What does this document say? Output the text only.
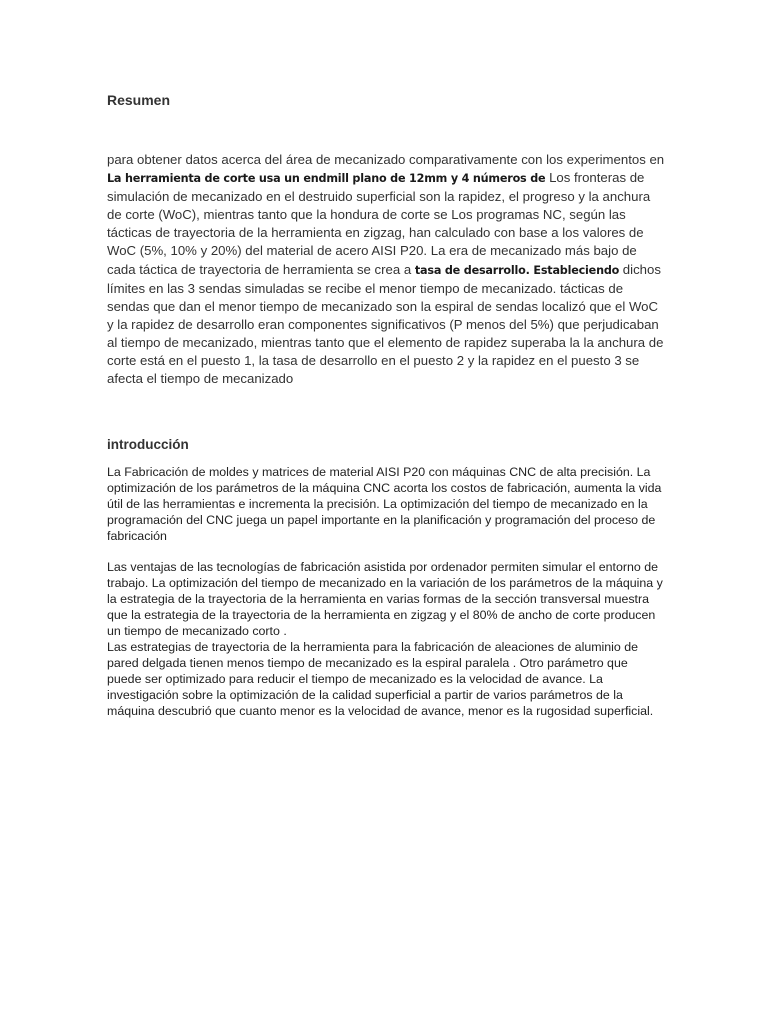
Resumen

para obtener datos acerca del área de mecanizado comparativamente con los experimentos en La herramienta de corte usa un endmill plano de 12mm y 4 números de Los fronteras de simulación de mecanizado en el destruido superficial son la rapidez, el progreso y la anchura de corte (WoC), mientras tanto que la hondura de corte se Los programas NC, según las tácticas de trayectoria de la herramienta en zigzag, han calculado con base a los valores de WoC (5%, 10% y 20%) del material de acero AISI P20. La era de mecanizado más bajo de cada táctica de trayectoria de herramienta se crea a tasa de desarrollo. Estableciendo dichos límites en las 3 sendas simuladas se recibe el menor tiempo de mecanizado. tácticas de sendas que dan el menor tiempo de mecanizado son la espiral de sendas localizó que el WoC y la rapidez de desarrollo eran componentes significativos (P menos del 5%) que perjudicaban al tiempo de mecanizado, mientras tanto que el elemento de rapidez superaba la la anchura de corte está en el puesto 1, la tasa de desarrollo en el puesto 2 y la rapidez en el puesto 3 se afecta el tiempo de mecanizado

introducción

La Fabricación de moldes y matrices de material AISI P20 con máquinas CNC de alta precisión. La optimización de los parámetros de la máquina CNC acorta los costos de fabricación, aumenta la vida útil de las herramientas e incrementa la precisión. La optimización del tiempo de mecanizado en la programación del CNC juega un papel importante en la planificación y programación del proceso de fabricación

Las ventajas de las tecnologías de fabricación asistida por ordenador permiten simular el entorno de trabajo. La optimización del tiempo de mecanizado en la variación de los parámetros de la máquina y la estrategia de la trayectoria de la herramienta en varias formas de la sección transversal muestra que la estrategia de la trayectoria de la herramienta en zigzag y el 80% de ancho de corte producen un tiempo de mecanizado corto .

Las estrategias de trayectoria de la herramienta para la fabricación de aleaciones de aluminio de pared delgada tienen menos tiempo de mecanizado es la espiral paralela . Otro parámetro que puede ser optimizado para reducir el tiempo de mecanizado es la velocidad de avance. La investigación sobre la optimización de la calidad superficial a partir de varios parámetros de la máquina descubrió que cuanto menor es la velocidad de avance, menor es la rugosidad superficial.
